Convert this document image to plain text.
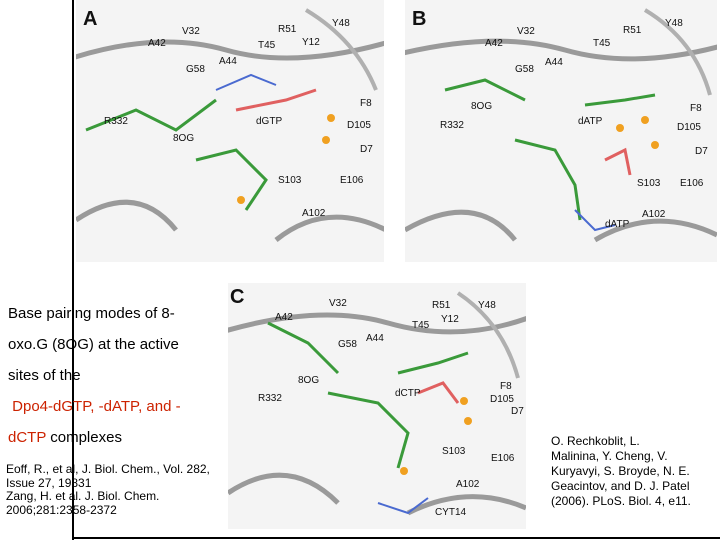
A
A42
V32	R51
Y48
T45	Y12
G58
A44
R332
8OG
dGTP
F8
D105
D7
S103	E106
A102
B
A42
V32	R51
Y48
T45
G58
A44
8OG
R332	dATP
F8
D105
D7
S103 E106
dATP
A102
C	V32	R51	Y48
A42
T45
Y12
G58
A44
8OG
R332	dCTP
F8
D105
D7
S103
E106
A102
CYT14
Base pairing modes of 8-
oxo.G (8OG) at the active
sites of the
Dpo4-dGTP, -dATP, and -
dCTP complexes
Eoff, R., et al, J. Biol. Chem., Vol. 282,
Issue 27, 19831
Zang, H. et al. J. Biol. Chem.
2006;281:2358-2372
O. Rechkoblit, L.
Malinina, Y. Cheng, V.
Kuryavyi, S. Broyde, N. E.
Geacintov, and D. J. Patel
(2006). PLoS. Biol. 4, e11.
